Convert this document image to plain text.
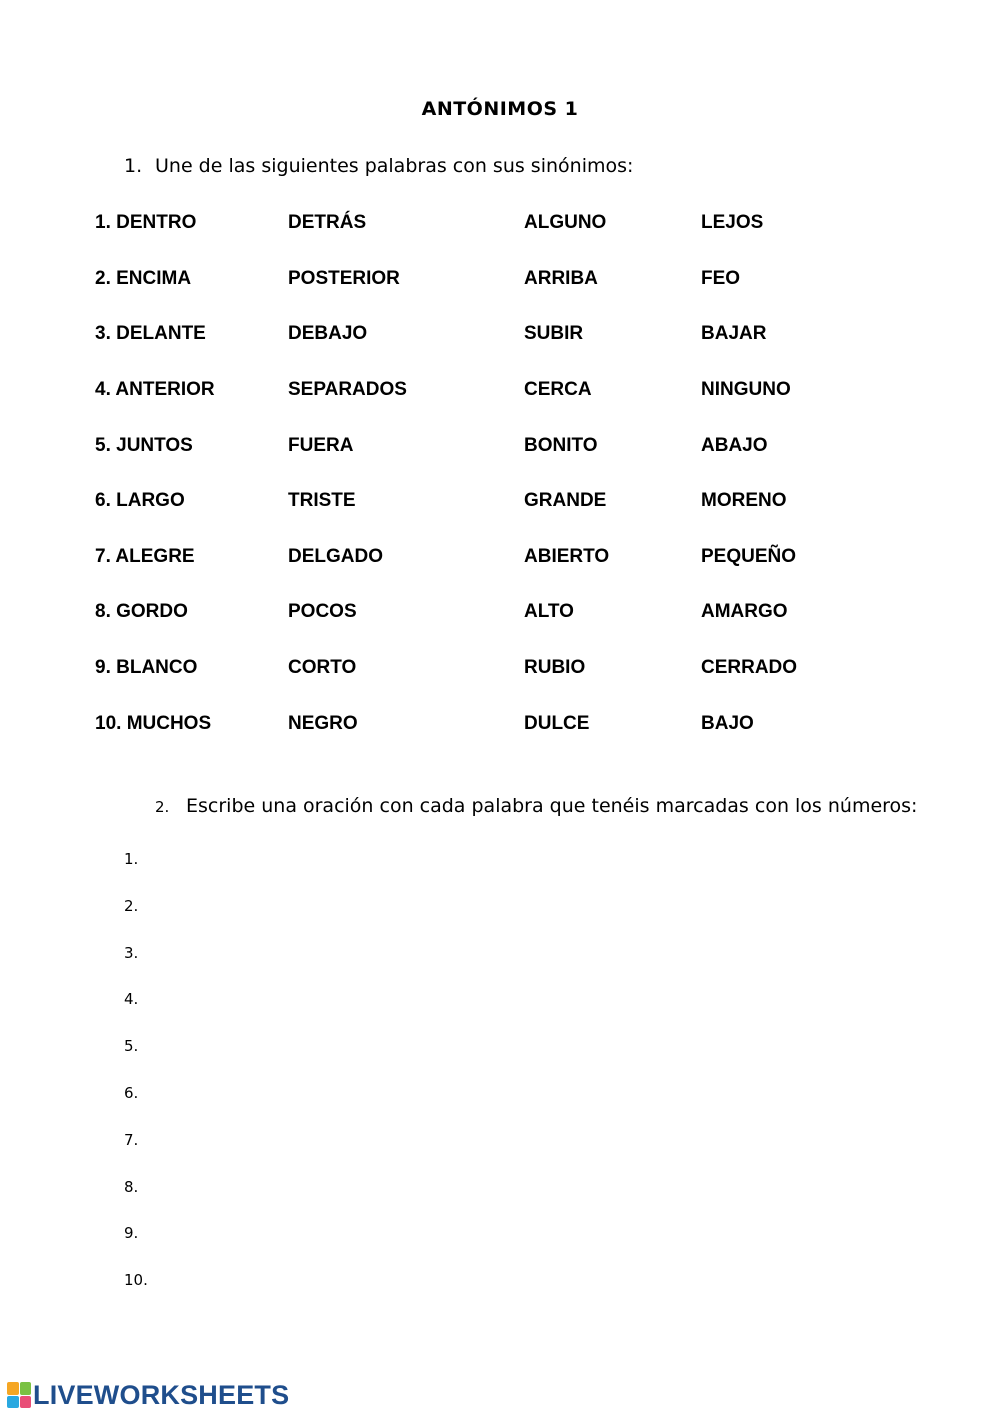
ANTÓNIMOS 1
1. Une de las siguientes palabras con sus sinónimos:
1. DENTRO	DETRÁS	ALGUNO	LEJOS
2. ENCIMA	POSTERIOR	ARRIBA	FEO
3. DELANTE	DEBAJO	SUBIR	BAJAR
4. ANTERIOR	SEPARADOS	CERCA	NINGUNO
5. JUNTOS	FUERA	BONITO	ABAJO
6. LARGO	TRISTE	GRANDE	MORENO
7. ALEGRE	DELGADO	ABIERTO	PEQUEÑO
8. GORDO	POCOS	ALTO	AMARGO
9. BLANCO	CORTO	RUBIO	CERRADO
10. MUCHOS	NEGRO	DULCE	BAJO
2. Escribe una oración con cada palabra que tenéis marcadas con los números:
1.
2.
3.
4.
5.
6.
7.
8.
9.
10.
LIVEWORKSHEETS
